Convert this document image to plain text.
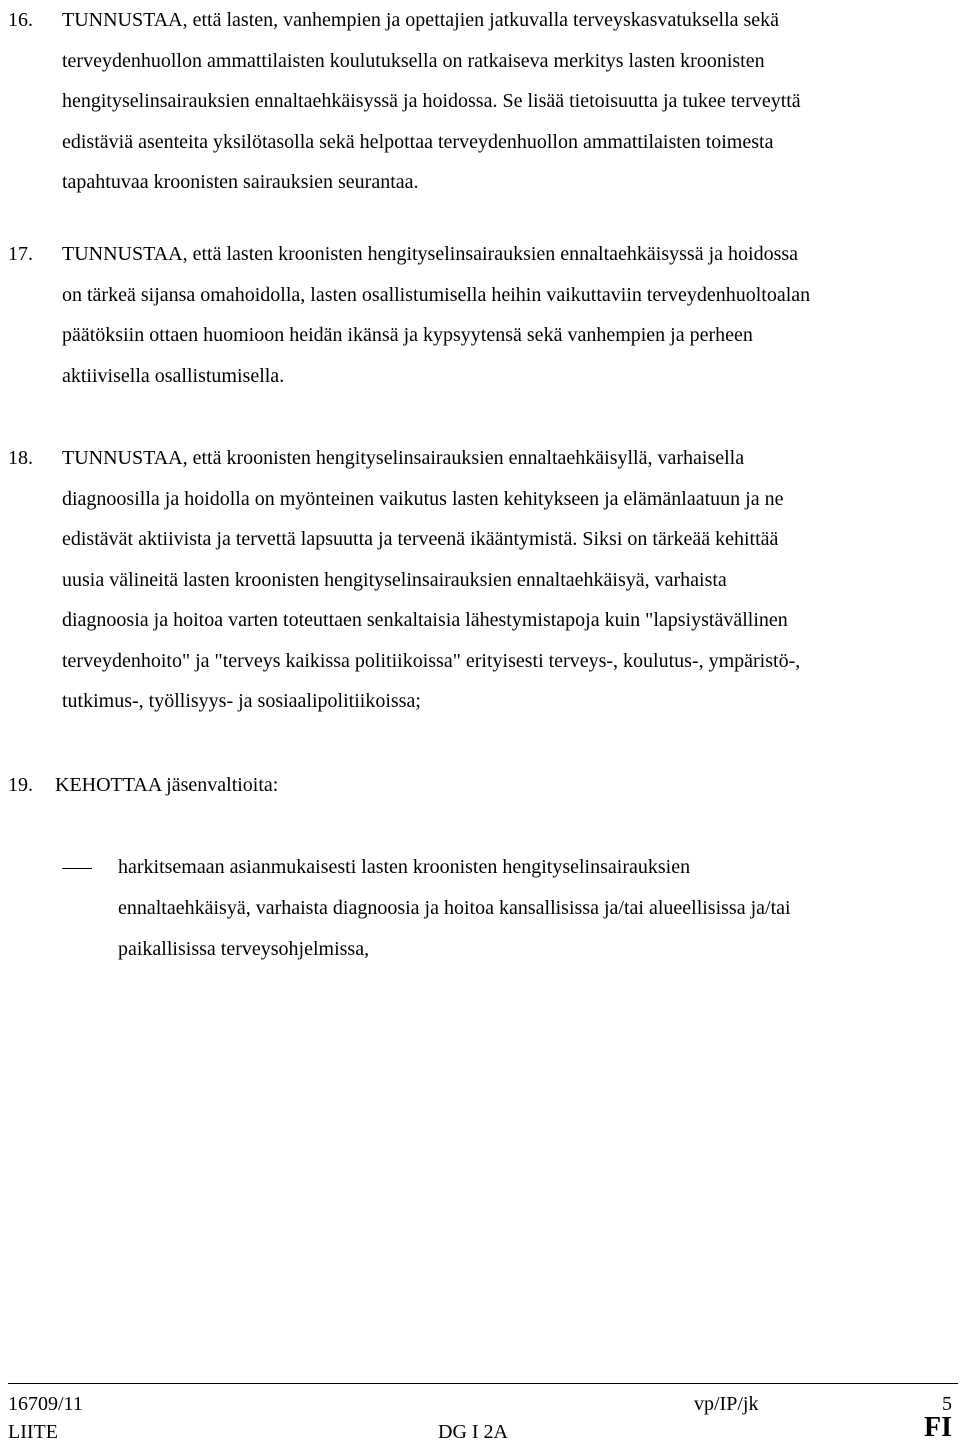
16. TUNNUSTAA, että lasten, vanhempien ja opettajien jatkuvalla terveyskasvatuksella sekä

terveydenhuollon ammattilaisten koulutuksella on ratkaiseva merkitys lasten kroonisten

hengityselinsairauksien ennaltaehkäisyssä ja hoidossa. Se lisää tietoisuutta ja tukee terveyttä

edistäviä asenteita yksilötasolla sekä helpottaa terveydenhuollon ammattilaisten toimesta

tapahtuvaa kroonisten sairauksien seurantaa.

17. TUNNUSTAA, että lasten kroonisten hengityselinsairauksien ennaltaehkäisyssä ja hoidossa

on tärkeä sijansa omahoidolla, lasten osallistumisella heihin vaikuttaviin terveydenhuoltoalan

päätöksiin ottaen huomioon heidän ikänsä ja kypsyytensä sekä vanhempien ja perheen

aktiivisella osallistumisella.

18. TUNNUSTAA, että kroonisten hengityselinsairauksien ennaltaehkäisyllä, varhaisella

diagnoosilla ja hoidolla on myönteinen vaikutus lasten kehitykseen ja elämänlaatuun ja ne

edistävät aktiivista ja tervettä lapsuutta ja terveenä ikääntymistä. Siksi on tärkeää kehittää

uusia välineitä lasten kroonisten hengityselinsairauksien ennaltaehkäisyä, varhaista

diagnoosia ja hoitoa varten toteuttaen senkaltaisia lähestymistapoja kuin "lapsiystävällinen

terveydenhoito" ja "terveys kaikissa politiikoissa" erityisesti terveys-, koulutus-, ympäristö-,

tutkimus-, työllisyys- ja sosiaalipolitiikoissa;

19. KEHOTTAA jäsenvaltioita:

harkitsemaan asianmukaisesti lasten kroonisten hengityselinsairauksien

ennaltaehkäisyä, varhaista diagnoosia ja hoitoa kansallisissa ja/tai alueellisissa ja/tai

paikallisissa terveysohjelmissa,

16709/11	vp/IP/jk	5
LIITE	DG I 2A	FI
